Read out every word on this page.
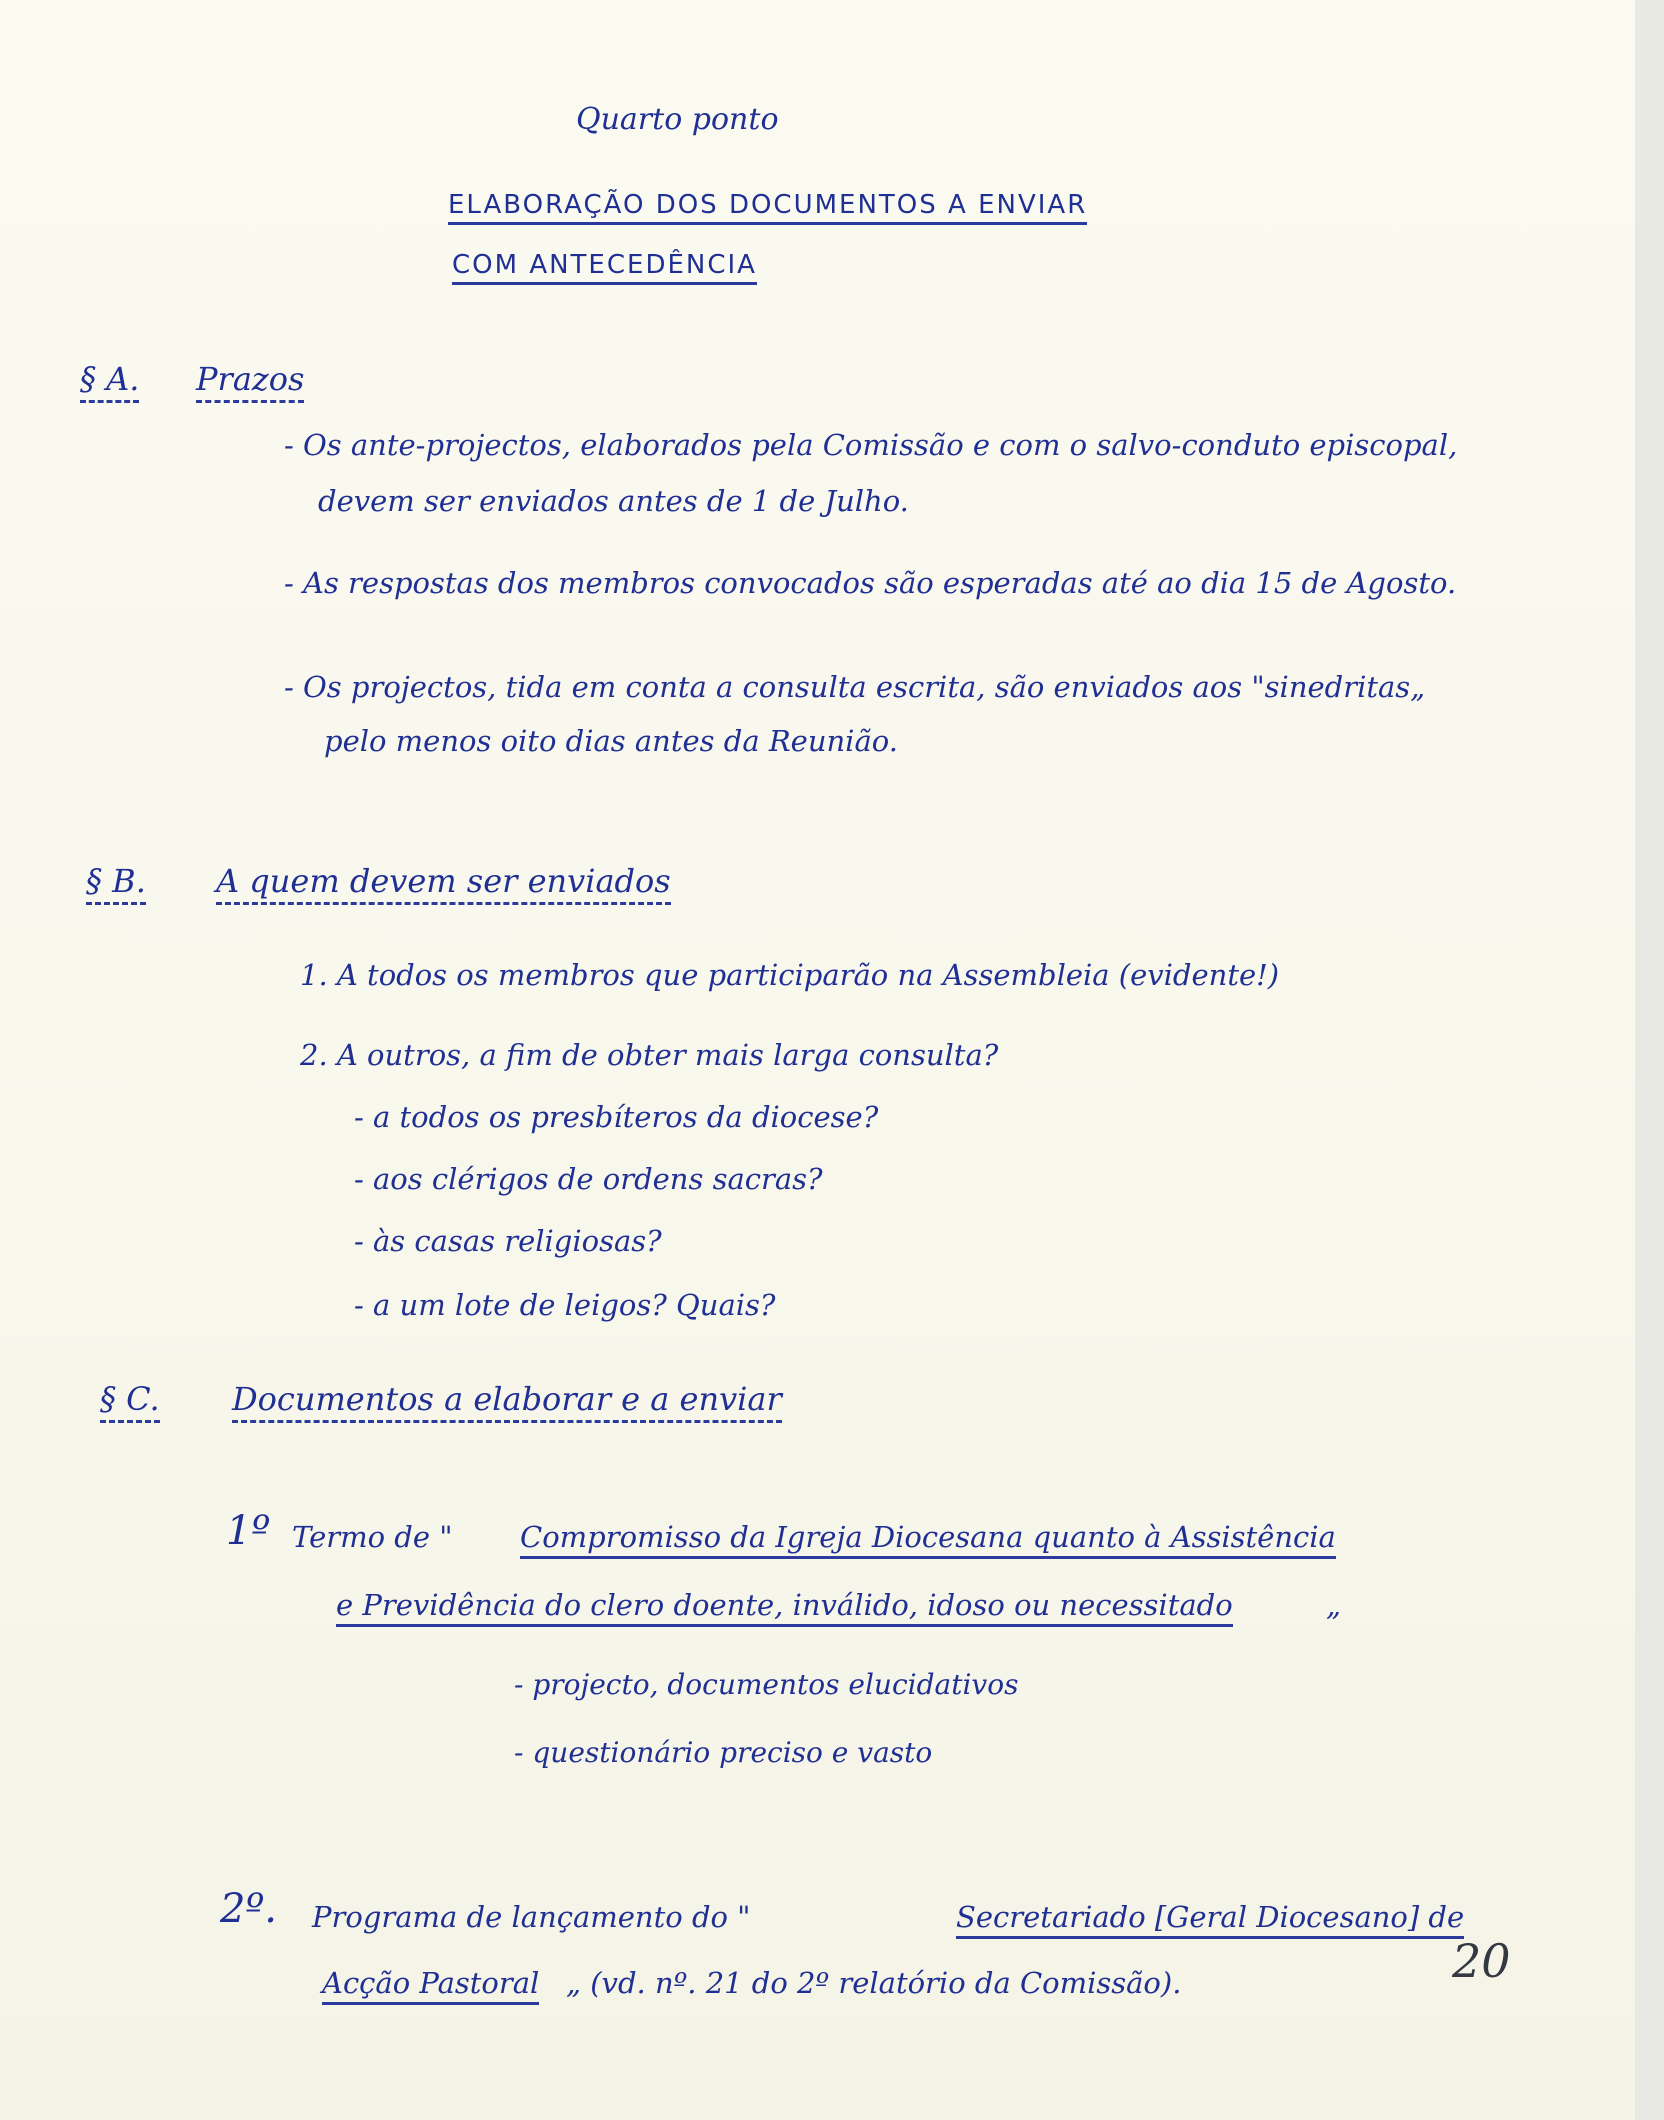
Quarto ponto
ELABORAÇÃO DOS DOCUMENTOS A ENVIAR
COM ANTECEDÊNCIA
§ A. Prazos
- Os ante-projectos, elaborados pela Comissão e com o salvo-conduto episcopal,
devem ser enviados antes de 1 de Julho.
- As respostas dos membros convocados são esperadas até ao dia 15 de Agosto.
- Os projectos, tida em conta a consulta escrita, são enviados aos "sinedritas„
pelo menos oito dias antes da Reunião.
§ B. A quem devem ser enviados
1. A todos os membros que participarão na Assembleia (evidente!)
2. A outros, a fim de obter mais larga consulta?
- a todos os presbíteros da diocese?
- aos clérigos de ordens sacras?
- às casas religiosas?
- a um lote de leigos? Quais?
§ C. Documentos a elaborar e a enviar
1º Termo de " Compromisso da Igreja Diocesana quanto à Assistência
e Previdência do clero doente, inválido, idoso ou necessitado	„
- projecto, documentos elucidativos
- questionário preciso e vasto
2º. Programa de lançamento do "	Secretariado [Geral Diocesano] de
Acção Pastoral „ (vd. nº. 21 do 2º relatório da Comissão).	20
